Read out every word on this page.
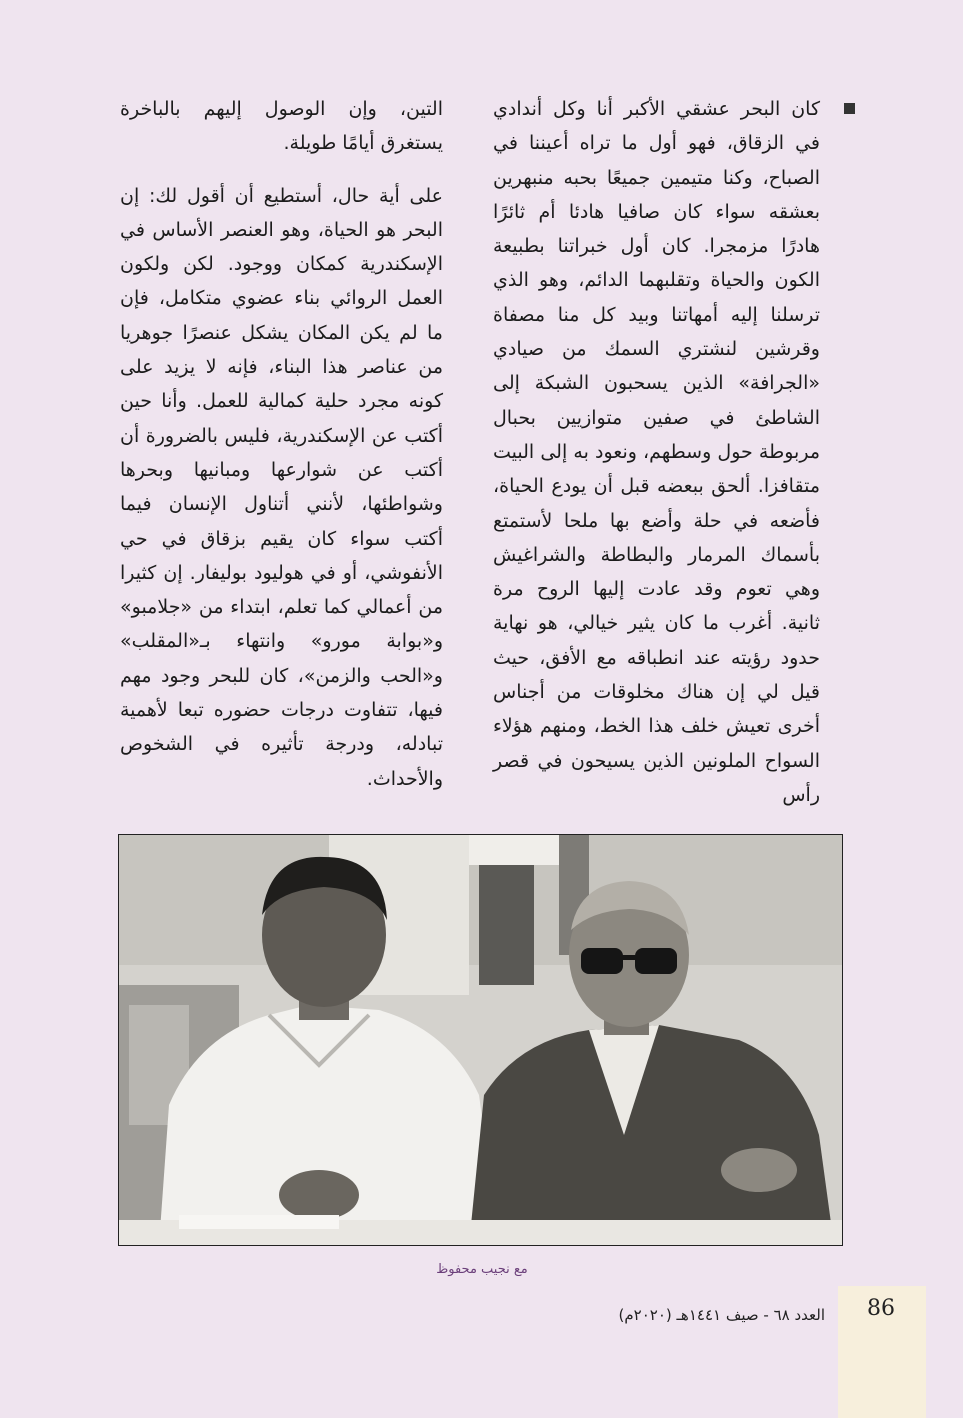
كان البحر عشقي الأكبر أنا وكل أندادي في الزقاق، فهو أول ما تراه أعيننا في الصباح، وكنا متيمين جميعًا بحبه منبهرين بعشقه سواء كان صافيا هادئا أم ثائرًا هادرًا مزمجرا. كان أول خبراتنا بطبيعة الكون والحياة وتقلبهما الدائم، وهو الذي ترسلنا إليه أمهاتنا وبيد كل منا مصفاة وقرشين لنشتري السمك من صيادي «الجرافة» الذين يسحبون الشبكة إلى الشاطئ في صفين متوازيين بحبال مربوطة حول وسطهم، ونعود به إلى البيت متقافزا. ألحق ببعضه قبل أن يودع الحياة، فأضعه في حلة وأضع بها ملحا لأستمتع بأسماك المرمار والبطاطة والشراغيش وهي تعوم وقد عادت إليها الروح مرة ثانية. أغرب ما كان يثير خيالي، هو نهاية حدود رؤيته عند انطباقه مع الأفق، حيث قيل لي إن هناك مخلوقات من أجناس أخرى تعيش خلف هذا الخط، ومنهم هؤلاء السواح الملونين الذين يسيحون في قصر رأس

التين، وإن الوصول إليهم بالباخرة يستغرق أيامًا طويلة.

على أية حال، أستطيع أن أقول لك: إن البحر هو الحياة، وهو العنصر الأساس في الإسكندرية كمكان ووجود. لكن ولكون العمل الروائي بناء عضوي متكامل، فإن ما لم يكن المكان يشكل عنصرًا جوهريا من عناصر هذا البناء، فإنه لا يزيد على كونه مجرد حلية كمالية للعمل. وأنا حين أكتب عن الإسكندرية، فليس بالضرورة أن أكتب عن شوارعها ومبانيها وبحرها وشواطئها، لأنني أتناول الإنسان فيما أكتب سواء كان يقيم بزقاق في حي الأنفوشي، أو في هوليود بوليفار. إن كثيرا من أعمالي كما تعلم، ابتداء من «جلامبو» و«بوابة مورو» وانتهاء بـ«المقلب» و«الحب والزمن»، كان للبحر وجود مهم فيها، تتفاوت درجات حضوره تبعا لأهمية تبادله، ودرجة تأثيره في الشخوص والأحداث.

مع نجيب محفوظ
86
العدد ٦٨ - صيف ١٤٤١هـ (٢٠٢٠م)
